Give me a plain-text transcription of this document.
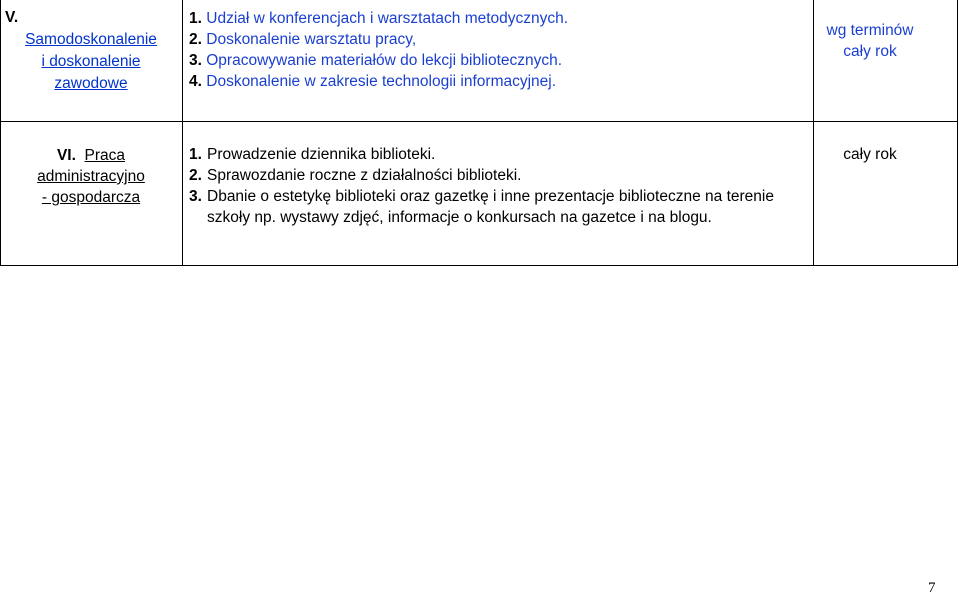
V.
Samodoskonalenie
i doskonalenie
zawodowe
1. Udział w konferencjach i warsztatach metodycznych.
2. Doskonalenie warsztatu pracy,
3. Opracowywanie materiałów do lekcji bibliotecznych.
4. Doskonalenie w zakresie technologii informacyjnej.
wg terminów
cały rok
VI. Praca
administracyjno
- gospodarcza
1. Prowadzenie dziennika biblioteki.
2. Sprawozdanie roczne z działalności biblioteki.
3. Dbanie o estetykę biblioteki oraz gazetkę i inne prezentacje biblioteczne na terenie szkoły np. wystawy zdjęć, informacje o konkursach na gazetce i na blogu.
cały rok
7
